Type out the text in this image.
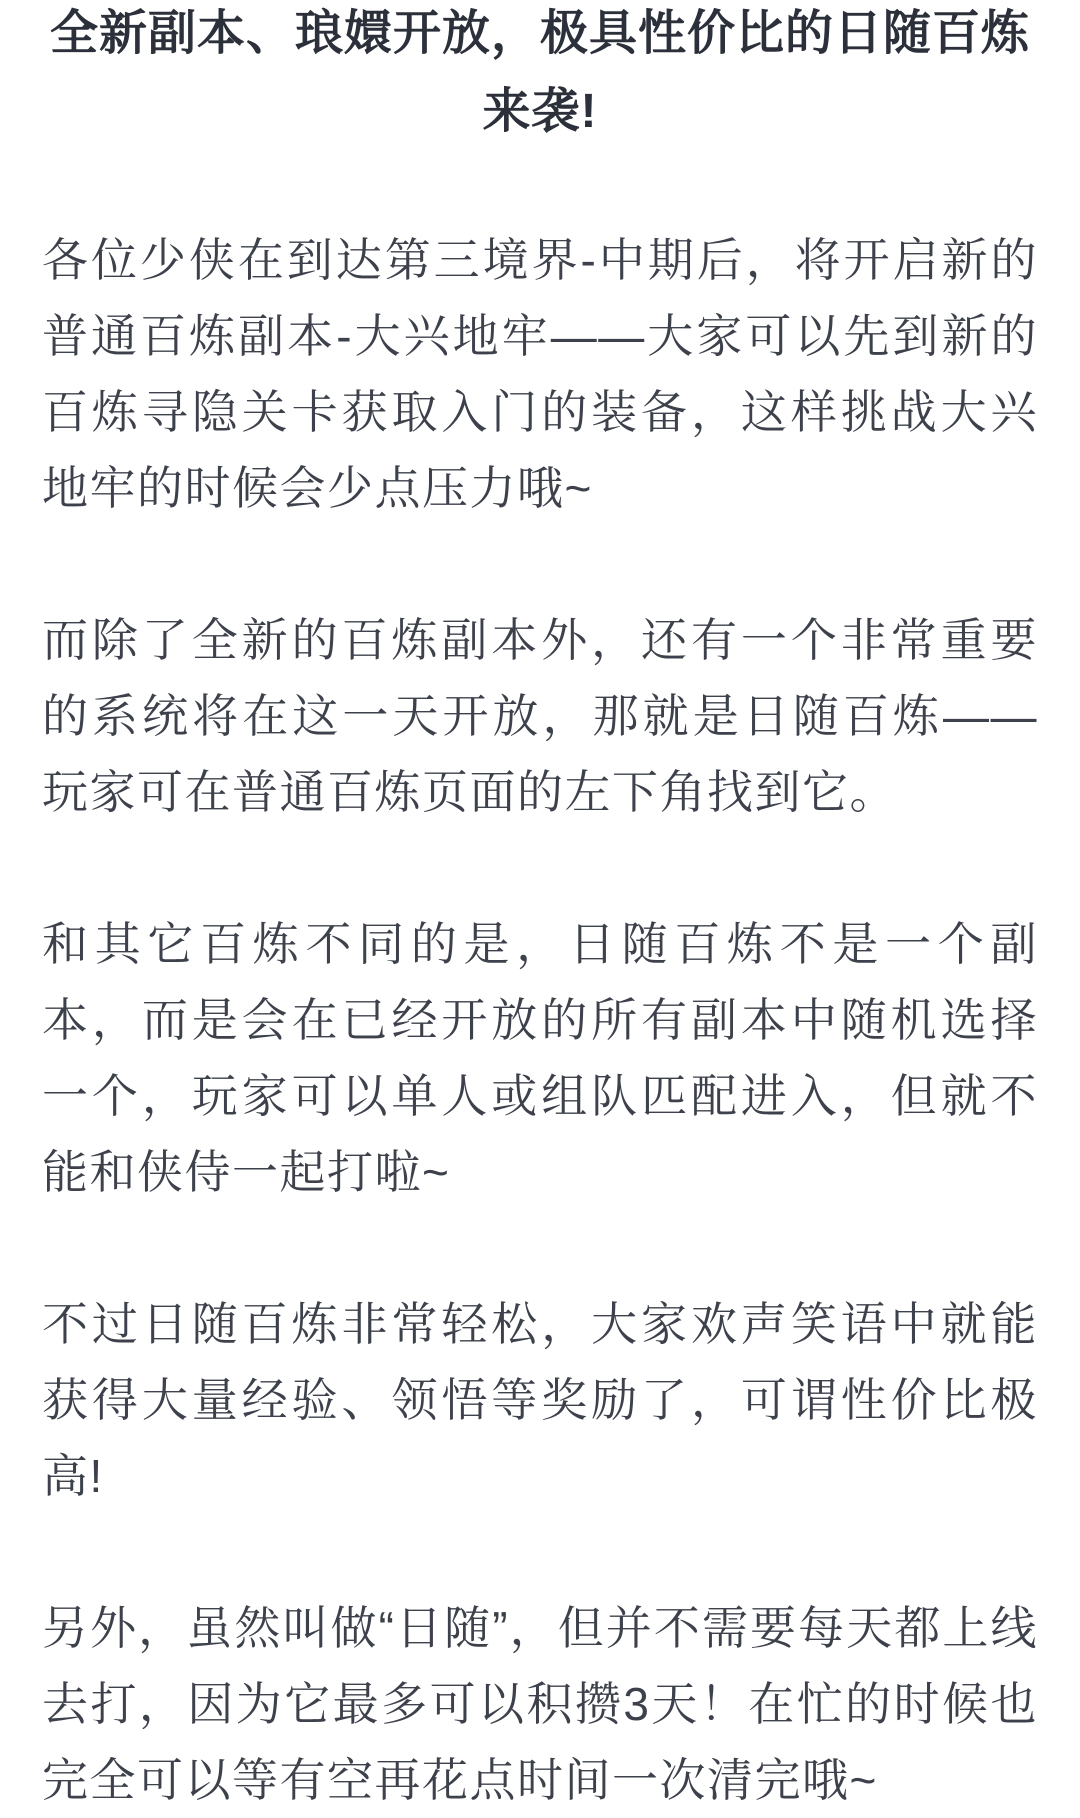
全新副本、琅嬛开放，极具性价比的日随百炼来袭!

各位少侠在到达第三境界-中期后，将开启新的普通百炼副本-大兴地牢——大家可以先到新的百炼寻隐关卡获取入门的装备，这样挑战大兴地牢的时候会少点压力哦~

而除了全新的百炼副本外，还有一个非常重要的系统将在这一天开放，那就是日随百炼——玩家可在普通百炼页面的左下角找到它。

和其它百炼不同的是，日随百炼不是一个副本，而是会在已经开放的所有副本中随机选择一个，玩家可以单人或组队匹配进入，但就不能和侠侍一起打啦~

不过日随百炼非常轻松，大家欢声笑语中就能获得大量经验、领悟等奖励了，可谓性价比极高!

另外，虽然叫做“日随”，但并不需要每天都上线去打，因为它最多可以积攒3天！在忙的时候也完全可以等有空再花点时间一次清完哦~
